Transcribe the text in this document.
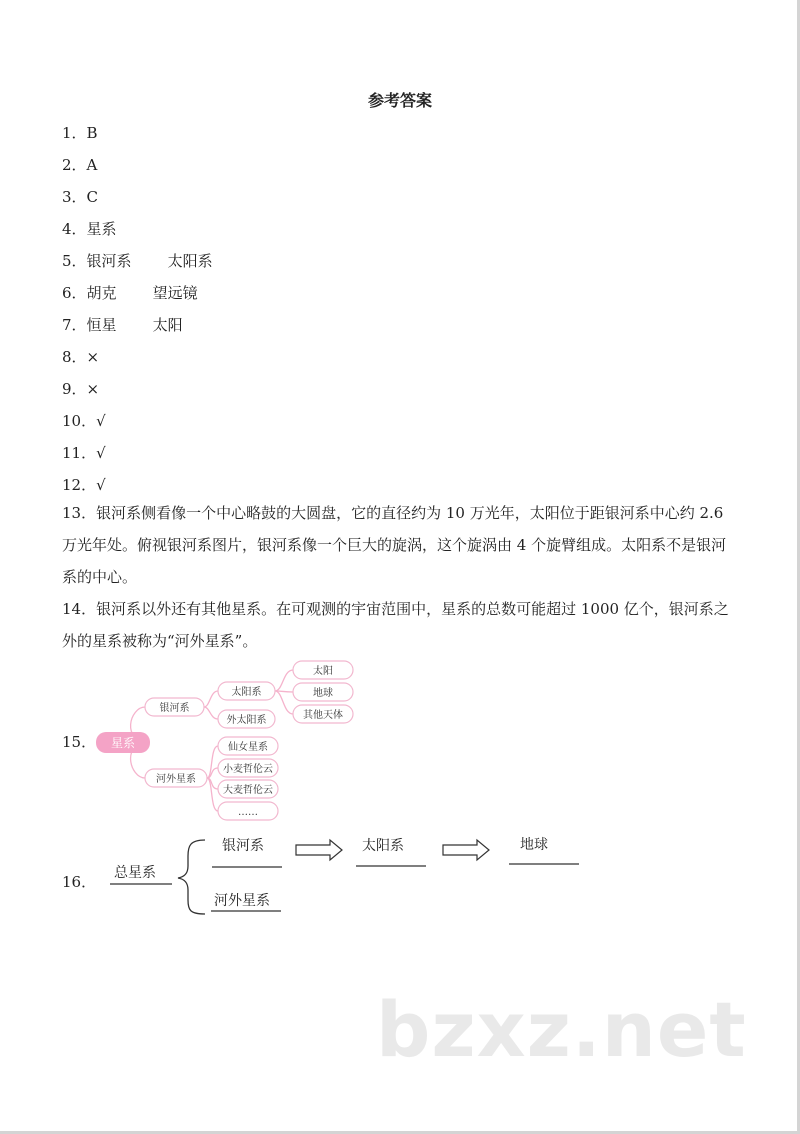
参考答案
1．B
2．A
3．C
4．星系
5．银河系 太阳系
6．胡克 望远镜
7．恒星 太阳
8．×
9．×
10．√
11．√
12．√
13．银河系侧看像一个中心略鼓的大圆盘，它的直径约为 10 万光年，太阳位于距银河系中心约 2.6 万光年处。俯视银河系图片，银河系像一个巨大的旋涡，这个旋涡由 4 个旋臂组成。太阳系不是银河系的中心。
14．银河系以外还有其他星系。在可观测的宇宙范围中，星系的总数可能超过 1000 亿个，银河系之外的星系被称为“河外星系”。
15． 星系
银河系
河外星系
太阳系
外太阳系
太阳
地球
其他天体
仙女星系
小麦哲伦云
大麦哲伦云
……
总星系
银河系	太阳系	地球
河外星系
16．
bzxz.net
